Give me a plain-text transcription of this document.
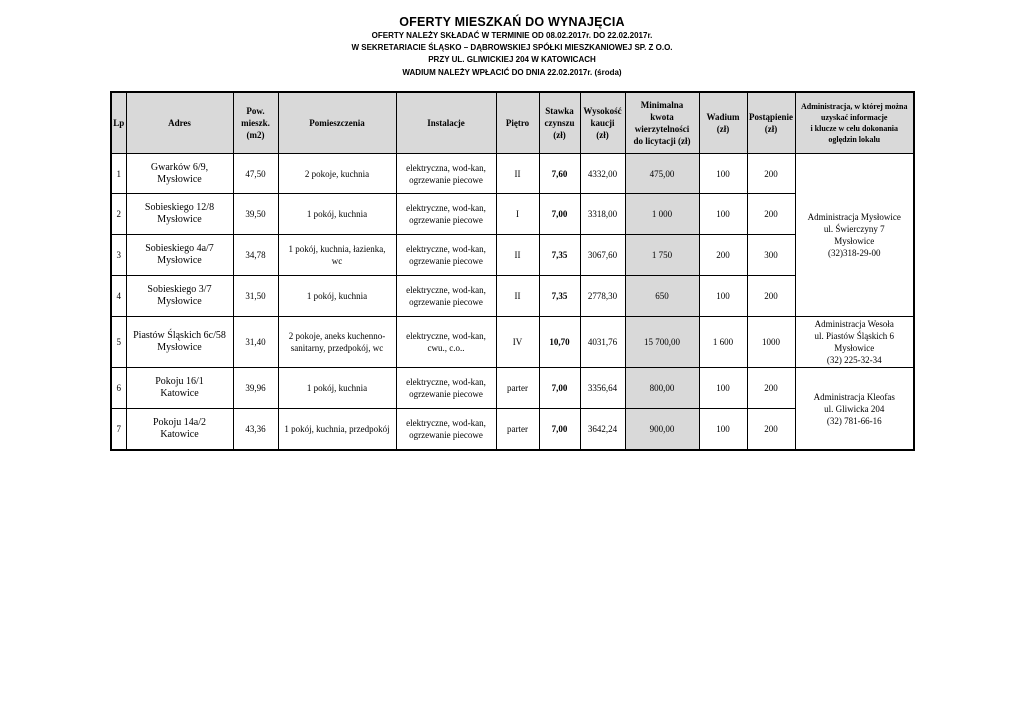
OFERTY MIESZKAŃ DO WYNAJĘCIA
OFERTY NALEŻY SKŁADAĆ W TERMINIE OD 08.02.2017r. DO 22.02.2017r.
W SEKRETARIACIE ŚLĄSKO – DĄBROWSKIEJ SPÓŁKI MIESZKANIOWEJ SP. Z O.O.
PRZY UL. GLIWICKIEJ 204 W KATOWICACH
WADIUM NALEŻY WPŁACIĆ DO DNIA 22.02.2017r. (środa)
Lp	Adres	Pow.
mieszk.
(m2)	Pomieszczenia	Instalacje	Piętro	Stawka
czynszu
(zł)	Wysokość
kaucji
(zł)	Minimalna
kwota
wierzytelności
do licytacji (zł)	Wadium
(zł)	Postąpienie
(zł)	Administracja, w której można
uzyskać informacje
i klucze w celu dokonania
oględzin lokalu
1	Gwarków 6/9,
Mysłowice	47,50	2 pokoje, kuchnia	elektryczna, wod-kan,
ogrzewanie piecowe	II	7,60	4332,00	475,00	100	200	Administracja Mysłowice
ul. Świerczyny 7
Mysłowice
(32)318-29-00
2	Sobieskiego 12/8
Mysłowice	39,50	1 pokój, kuchnia	elektryczne, wod-kan,
ogrzewanie piecowe	I	7,00	3318,00	1 000	100	200	
3	Sobieskiego 4a/7
Mysłowice	34,78	1 pokój, kuchnia, łazienka,
wc	elektryczne, wod-kan,
ogrzewanie piecowe	II	7,35	3067,60	1 750	200	300	
4	Sobieskiego 3/7
Mysłowice	31,50	1 pokój, kuchnia	elektryczne, wod-kan,
ogrzewanie piecowe	II	7,35	2778,30	650	100	200	
5	Piastów Śląskich 6c/58
Mysłowice	31,40	2 pokoje, aneks kuchenno-
sanitarny, przedpokój, wc	elektryczne, wod-kan,
cwu., c.o..	IV	10,70	4031,76	15 700,00	1 600	1000	Administracja Wesoła
ul. Piastów Śląskich 6
Mysłowice
(32) 225-32-34
6	Pokoju 16/1
Katowice	39,96	1 pokój, kuchnia	elektryczne, wod-kan,
ogrzewanie piecowe	parter	7,00	3356,64	800,00	100	200	Administracja Kleofas
ul. Gliwicka 204
(32) 781-66-16
7	Pokoju 14a/2
Katowice	43,36	1 pokój, kuchnia, przedpokój	elektryczne, wod-kan,
ogrzewanie piecowe	parter	7,00	3642,24	900,00	100	200	
